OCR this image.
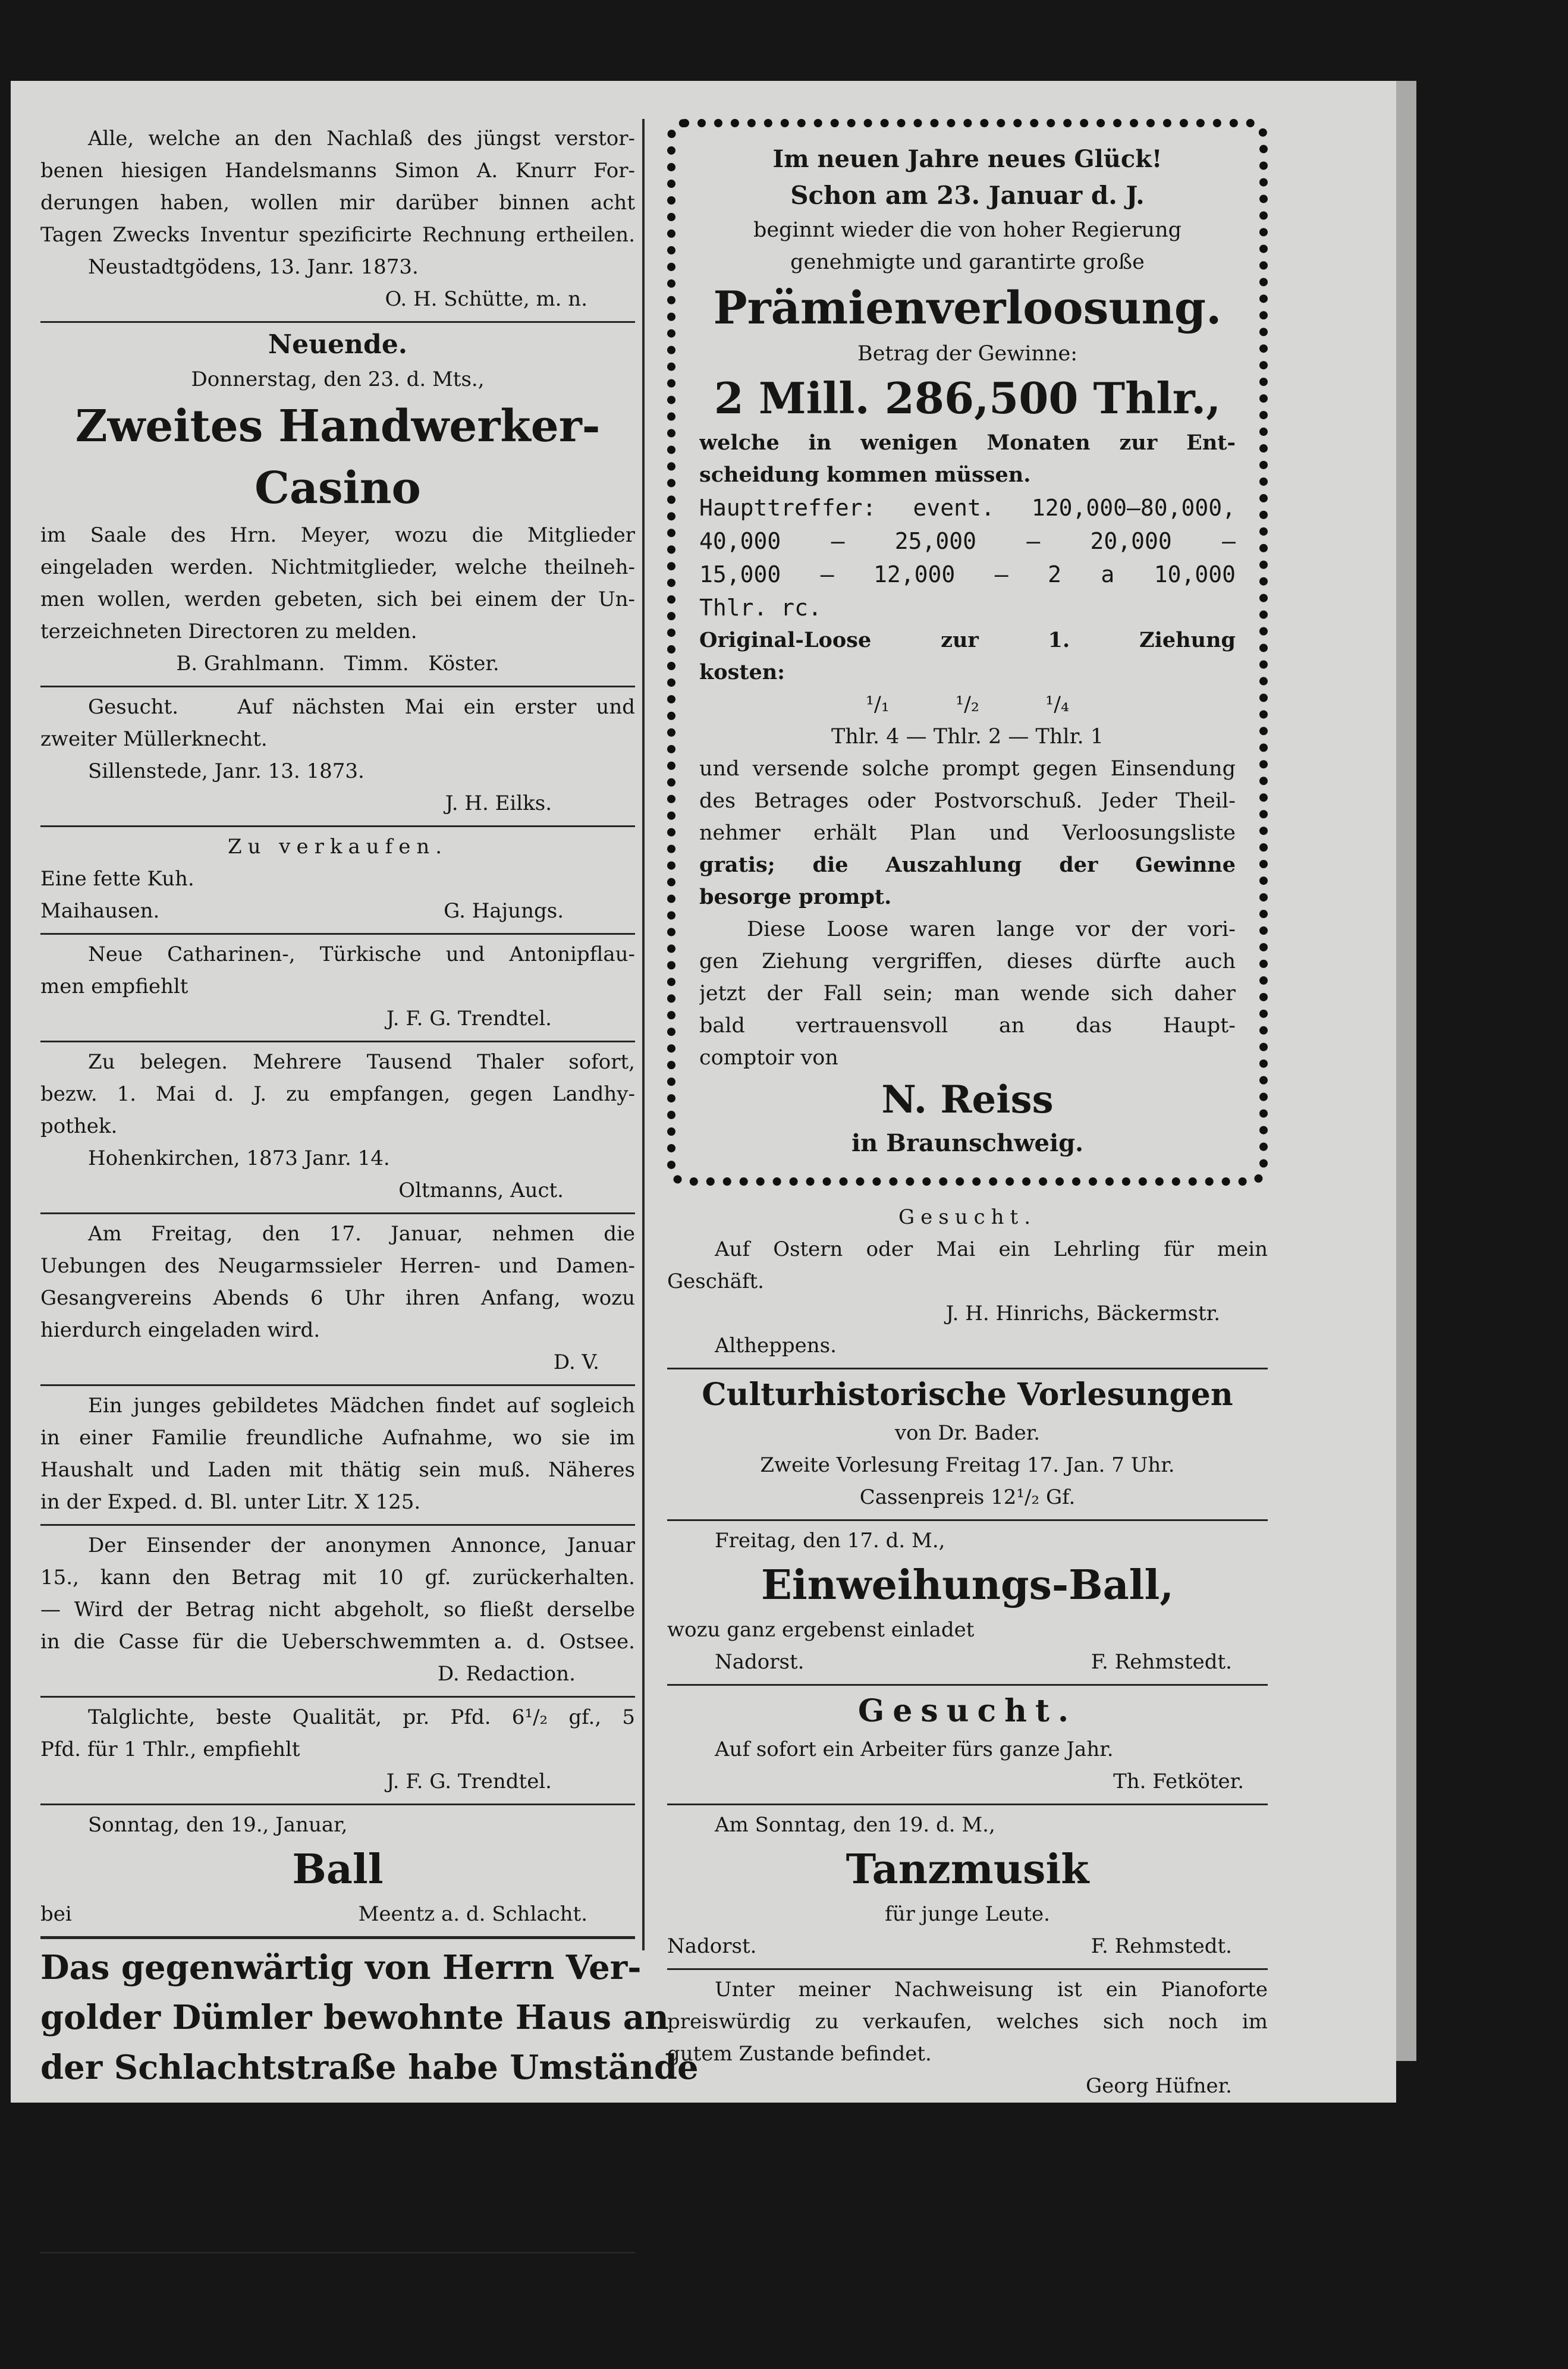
Alle, welche an den Nachlaß des jüngst verstor-
benen hiesigen Handelsmanns Simon A. Knurr For-
derungen haben, wollen mir darüber binnen acht
Tagen Zwecks Inventur spezificirte Rechnung ertheilen.
Neustadtgödens, 13. Janr. 1873.
O. H. Schütte, m. n.
Neuende.
Donnerstag, den 23. d. Mts.,
Zweites Handwerker-Casino
im Saale des Hrn. Meyer, wozu die Mitglieder
eingeladen werden. Nichtmitglieder, welche theilneh-
men wollen, werden gebeten, sich bei einem der Un-
terzeichneten Directoren zu melden.
B. Grahlmann.   Timm.   Köster.
Gesucht.   Auf nächsten Mai ein erster und
zweiter Müllerknecht.
Sillenstede, Janr. 13. 1873.
J. H. Eilks.
Zu verkaufen.
Eine fette Kuh.
Maihausen.	G. Hajungs.
Neue Catharinen-, Türkische und Antonipflau-
men empfiehlt
J. F. G. Trendtel.
Zu belegen. Mehrere Tausend Thaler sofort,
bezw. 1. Mai d. J. zu empfangen, gegen Landhy-
pothek.
Hohenkirchen, 1873 Janr. 14.
Oltmanns, Auct.
Am Freitag, den 17. Januar, nehmen die
Uebungen des Neugarmssieler Herren- und Damen-
Gesangvereins Abends 6 Uhr ihren Anfang, wozu
hierdurch eingeladen wird.
D. V.
Ein junges gebildetes Mädchen findet auf sogleich
in einer Familie freundliche Aufnahme, wo sie im
Haushalt und Laden mit thätig sein muß. Näheres
in der Exped. d. Bl. unter Litr. X 125.
Der Einsender der anonymen Annonce, Januar
15., kann den Betrag mit 10 gf. zurückerhalten.
— Wird der Betrag nicht abgeholt, so fließt derselbe
in die Casse für die Ueberschwemmten a. d. Ostsee.
D. Redaction.
Talglichte, beste Qualität, pr. Pfd. 6¹/₂ gf., 5
Pfd. für 1 Thlr., empfiehlt
J. F. G. Trendtel.
Sonntag, den 19., Januar,
Ball
bei	Meentz a. d. Schlacht.
Das gegenwärtig von Herrn Ver-
golder Dümler bewohnte Haus an
der Schlachtstraße habe Umstände
halber auf Mai d. J. noch zu ver-
miethen.
Adolf Ihnken.
Auszuleihen.
Sofort 100 Thlr. Gold gegen Hypothek.
Jever.	H. Meyer senr.
Im neuen Jahre neues Glück!
Schon am 23. Januar d. J.
beginnt wieder die von hoher Regierung
genehmigte und garantirte große
Prämienverloosung.
Betrag der Gewinne:
2 Mill. 286,500 Thlr.,
welche in wenigen Monaten zur Ent-
scheidung kommen müssen.
Haupttreffer: event. 120,000—80,000,
40,000 — 25,000 — 20,000 —
15,000 — 12,000 — 2 a 10,000
Thlr. rc.
Original-Loose zur 1. Ziehung
kosten:
¹/₁          ¹/₂          ¹/₄
Thlr. 4 — Thlr. 2 — Thlr. 1
und versende solche prompt gegen Einsendung
des Betrages oder Postvorschuß. Jeder Theil-
nehmer erhält Plan und Verloosungsliste
gratis; die Auszahlung der Gewinne
besorge prompt.
Diese Loose waren lange vor der vori-
gen Ziehung vergriffen, dieses dürfte auch
jetzt der Fall sein; man wende sich daher
bald vertrauensvoll an das Haupt-
comptoir von
N. Reiss
in Braunschweig.
Gesucht.
Auf Ostern oder Mai ein Lehrling für mein
Geschäft.
J. H. Hinrichs, Bäckermstr.
Altheppens.
Culturhistorische Vorlesungen
von Dr. Bader.
Zweite Vorlesung Freitag 17. Jan. 7 Uhr.
Cassenpreis 12¹/₂ Gf.
Freitag, den 17. d. M.,
Einweihungs-Ball,
wozu ganz ergebenst einladet
Nadorst.	F. Rehmstedt.
Gesucht.
Auf sofort ein Arbeiter fürs ganze Jahr.
Th. Fetköter.
Am Sonntag, den 19. d. M.,
Tanzmusik
für junge Leute.
Nadorst.	F. Rehmstedt.
Unter meiner Nachweisung ist ein Pianoforte
preiswürdig zu verkaufen, welches sich noch im
gutem Zustande befindet.
Georg Hüfner.
